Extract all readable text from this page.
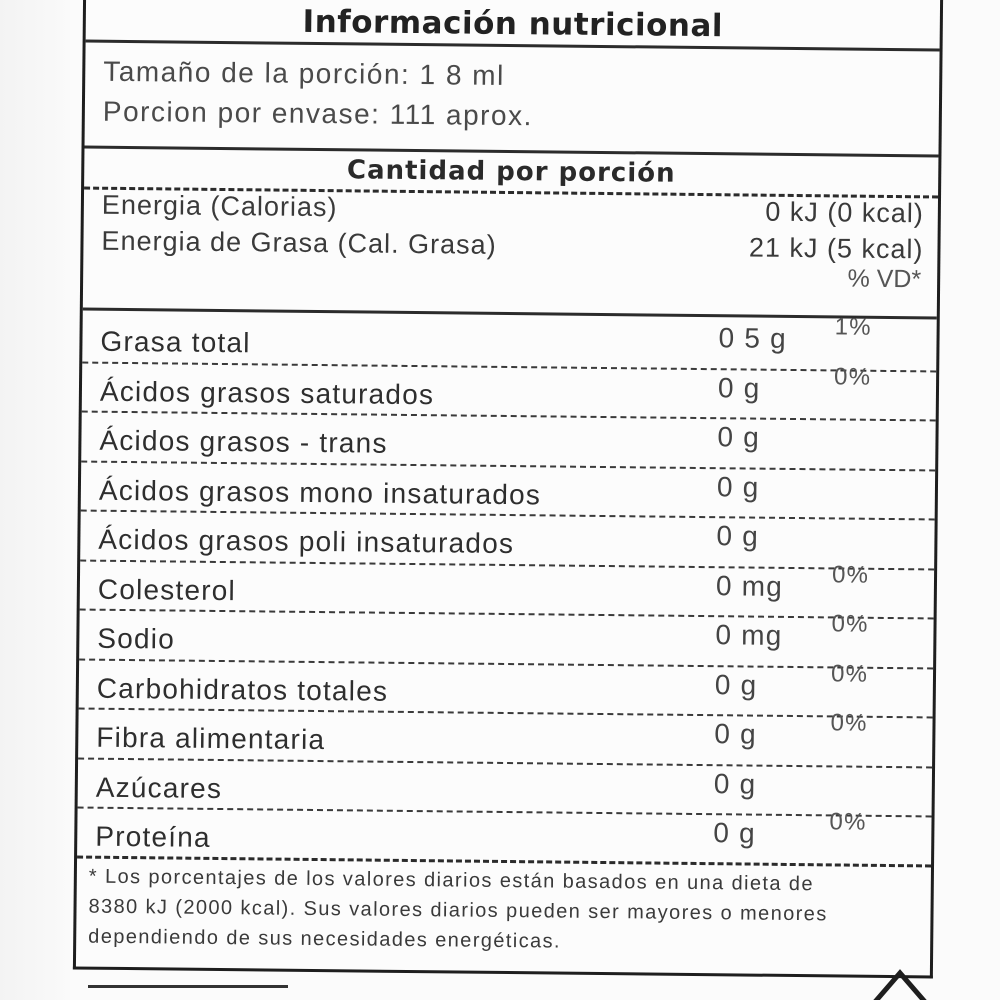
Información nutricional
Tamaño de la porción: 1 8 ml
Porcion por envase: 111 aprox.
Cantidad por porción
Energia (Calorias)	0 kJ (0 kcal)
Energia de Grasa (Cal. Grasa)	21 kJ (5 kcal)
% VD*
Grasa total	0 5 g 1%
Ácidos grasos saturados	0 g	0%
Ácidos grasos - trans	0 g
Ácidos grasos mono insaturados	0 g
Ácidos grasos poli insaturados	0 g
Colesterol	0 mg 0%
Sodio	0 mg 0%
Carbohidratos totales	0 g	0%
Fibra alimentaria	0 g	0%
Azúcares	0 g
Proteína	0 g	0%
* Los porcentajes de los valores diarios están basados en una dieta de
8380 kJ (2000 kcal). Sus valores diarios pueden ser mayores o menores
dependiendo de sus necesidades energéticas.
